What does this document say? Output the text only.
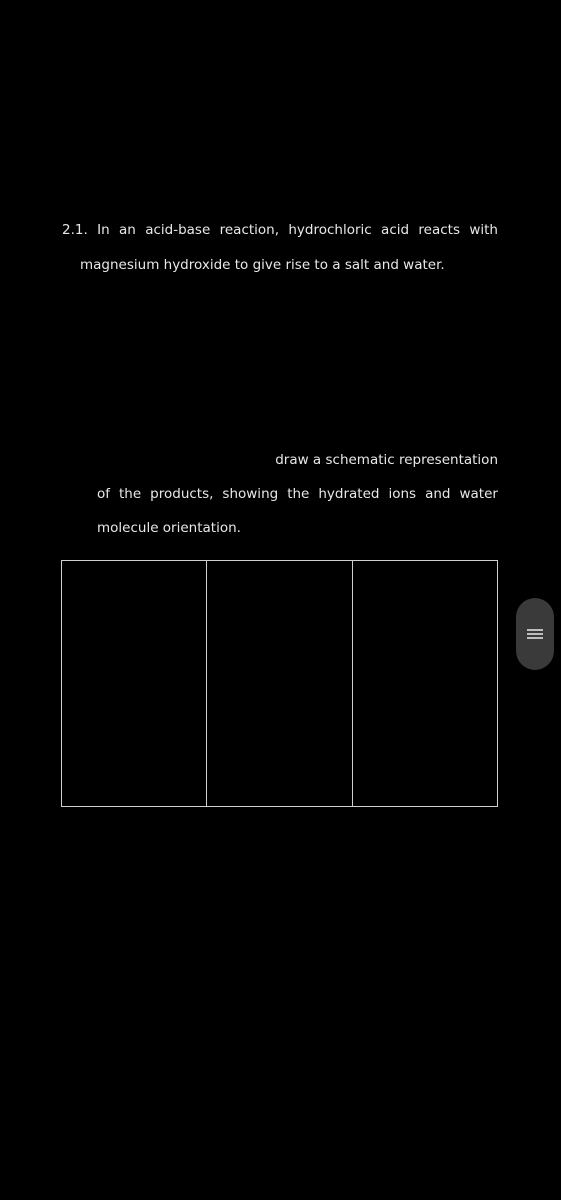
2.1. In an acid-base reaction, hydrochloric acid reacts with
magnesium hydroxide to give rise to a salt and water.
draw a schematic representation
of the products, showing the hydrated ions and water
molecule orientation.
